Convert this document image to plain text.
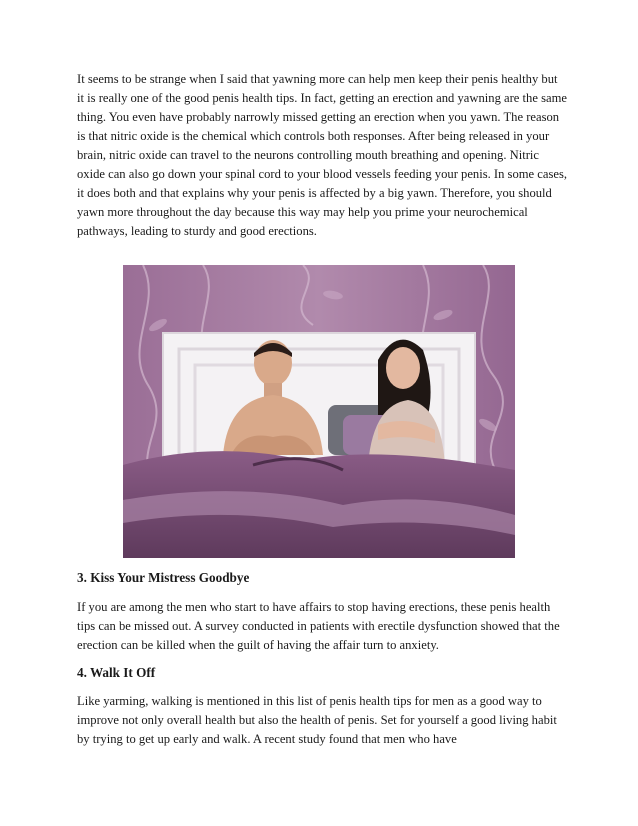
It seems to be strange when I said that yawning more can help men keep their penis healthy but it is really one of the good penis health tips. In fact, getting an erection and yawning are the same thing. You even have probably narrowly missed getting an erection when you yawn. The reason is that nitric oxide is the chemical which controls both responses. After being released in your brain, nitric oxide can travel to the neurons controlling mouth breathing and opening. Nitric oxide can also go down your spinal cord to your blood vessels feeding your penis. In some cases, it does both and that explains why your penis is affected by a big yawn. Therefore, you should yawn more throughout the day because this way may help you prime your neurochemical pathways, leading to sturdy and good erections.

3. Kiss Your Mistress Goodbye

If you are among the men who start to have affairs to stop having erections, these penis health tips can be missed out. A survey conducted in patients with erectile dysfunction showed that the erection can be killed when the guilt of having the affair turn to anxiety.

4. Walk It Off

Like yarming, walking is mentioned in this list of penis health tips for men as a good way to improve not only overall health but also the health of penis. Set for yourself a good living habit by trying to get up early and walk. A recent study found that men who have
